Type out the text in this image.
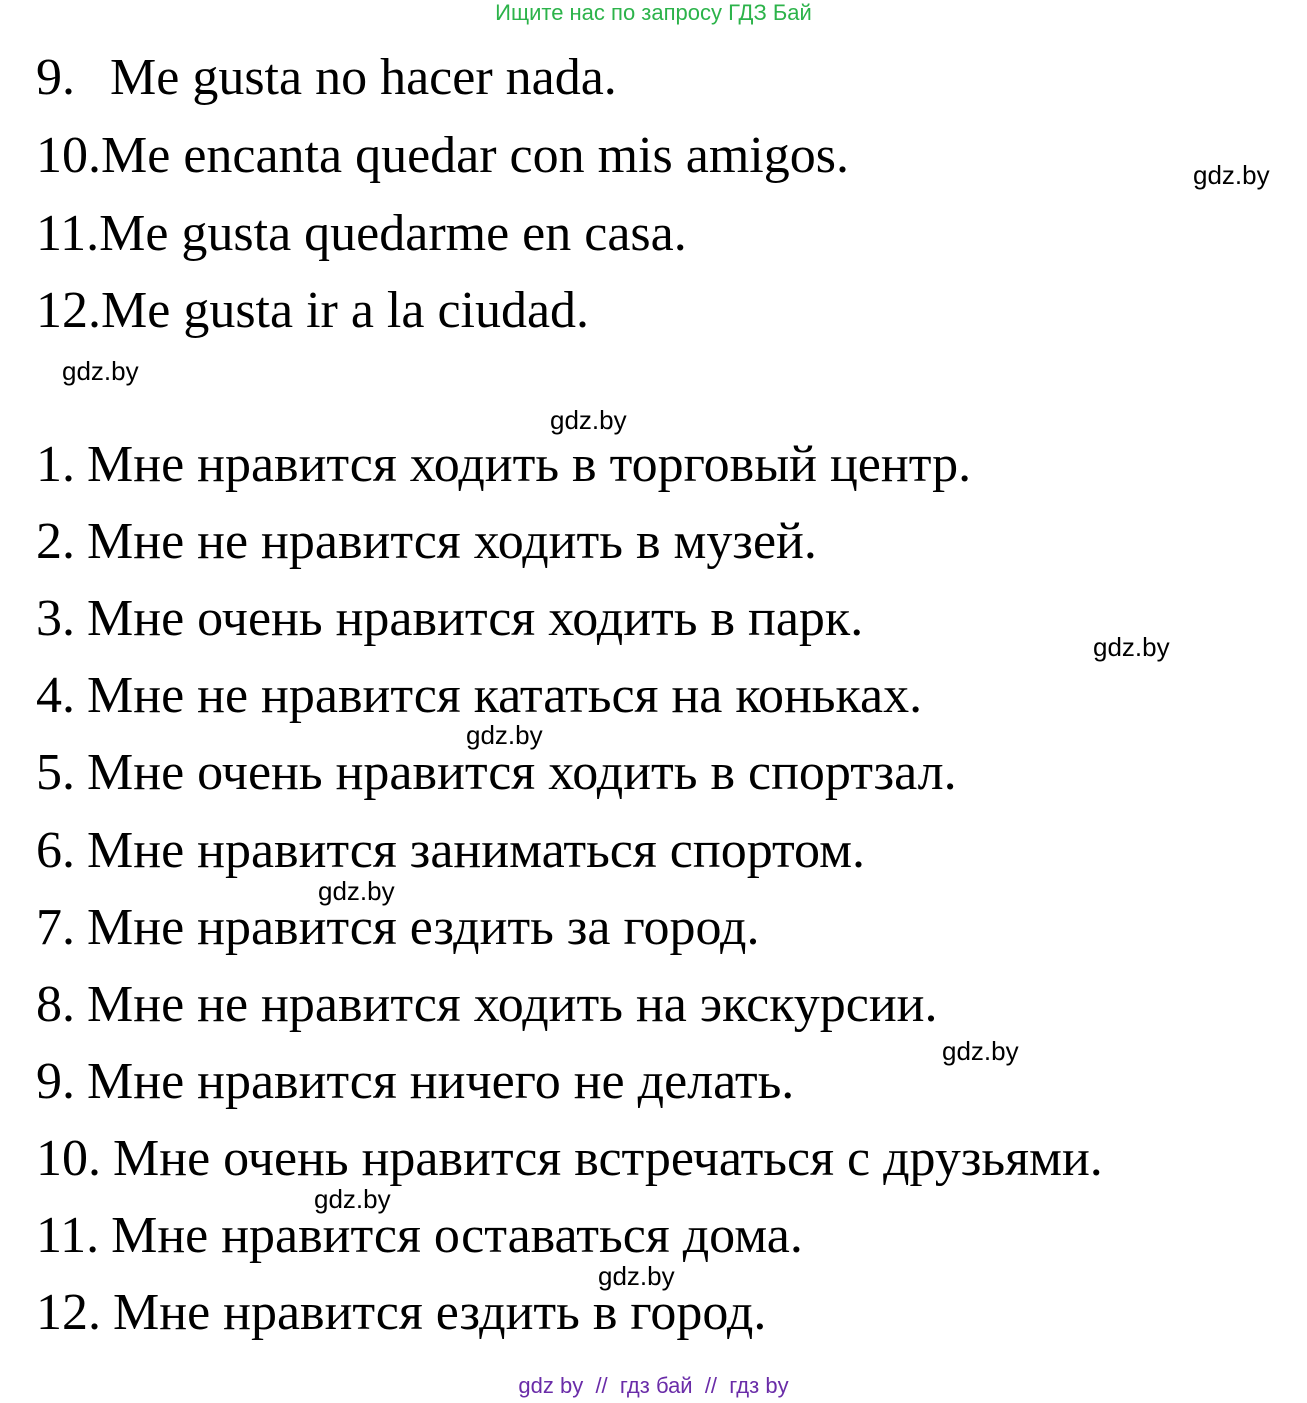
Ищите нас по запросу ГДЗ Бай
9. Me gusta no hacer nada.
10.Me encanta quedar con mis amigos.
11.Me gusta quedarme en casa.
12.Me gusta ir a la ciudad.
1. Мне нравится ходить в торговый центр.
2. Мне не нравится ходить в музей.
3. Мне очень нравится ходить в парк.
4. Мне не нравится кататься на коньках.
5. Мне очень нравится ходить в спортзал.
6. Мне нравится заниматься спортом.
7. Мне нравится ездить за город.
8. Мне не нравится ходить на экскурсии.
9. Мне нравится ничего не делать.
10. Мне очень нравится встречаться с друзьями.
11. Мне нравится оставаться дома.
12. Мне нравится ездить в город.
gdz.by
gdz.by
gdz.by
gdz.by
gdz.by
gdz.by
gdz.by
gdz.by
gdz.by
gdz by  //  гдз бай  //  гдз by
